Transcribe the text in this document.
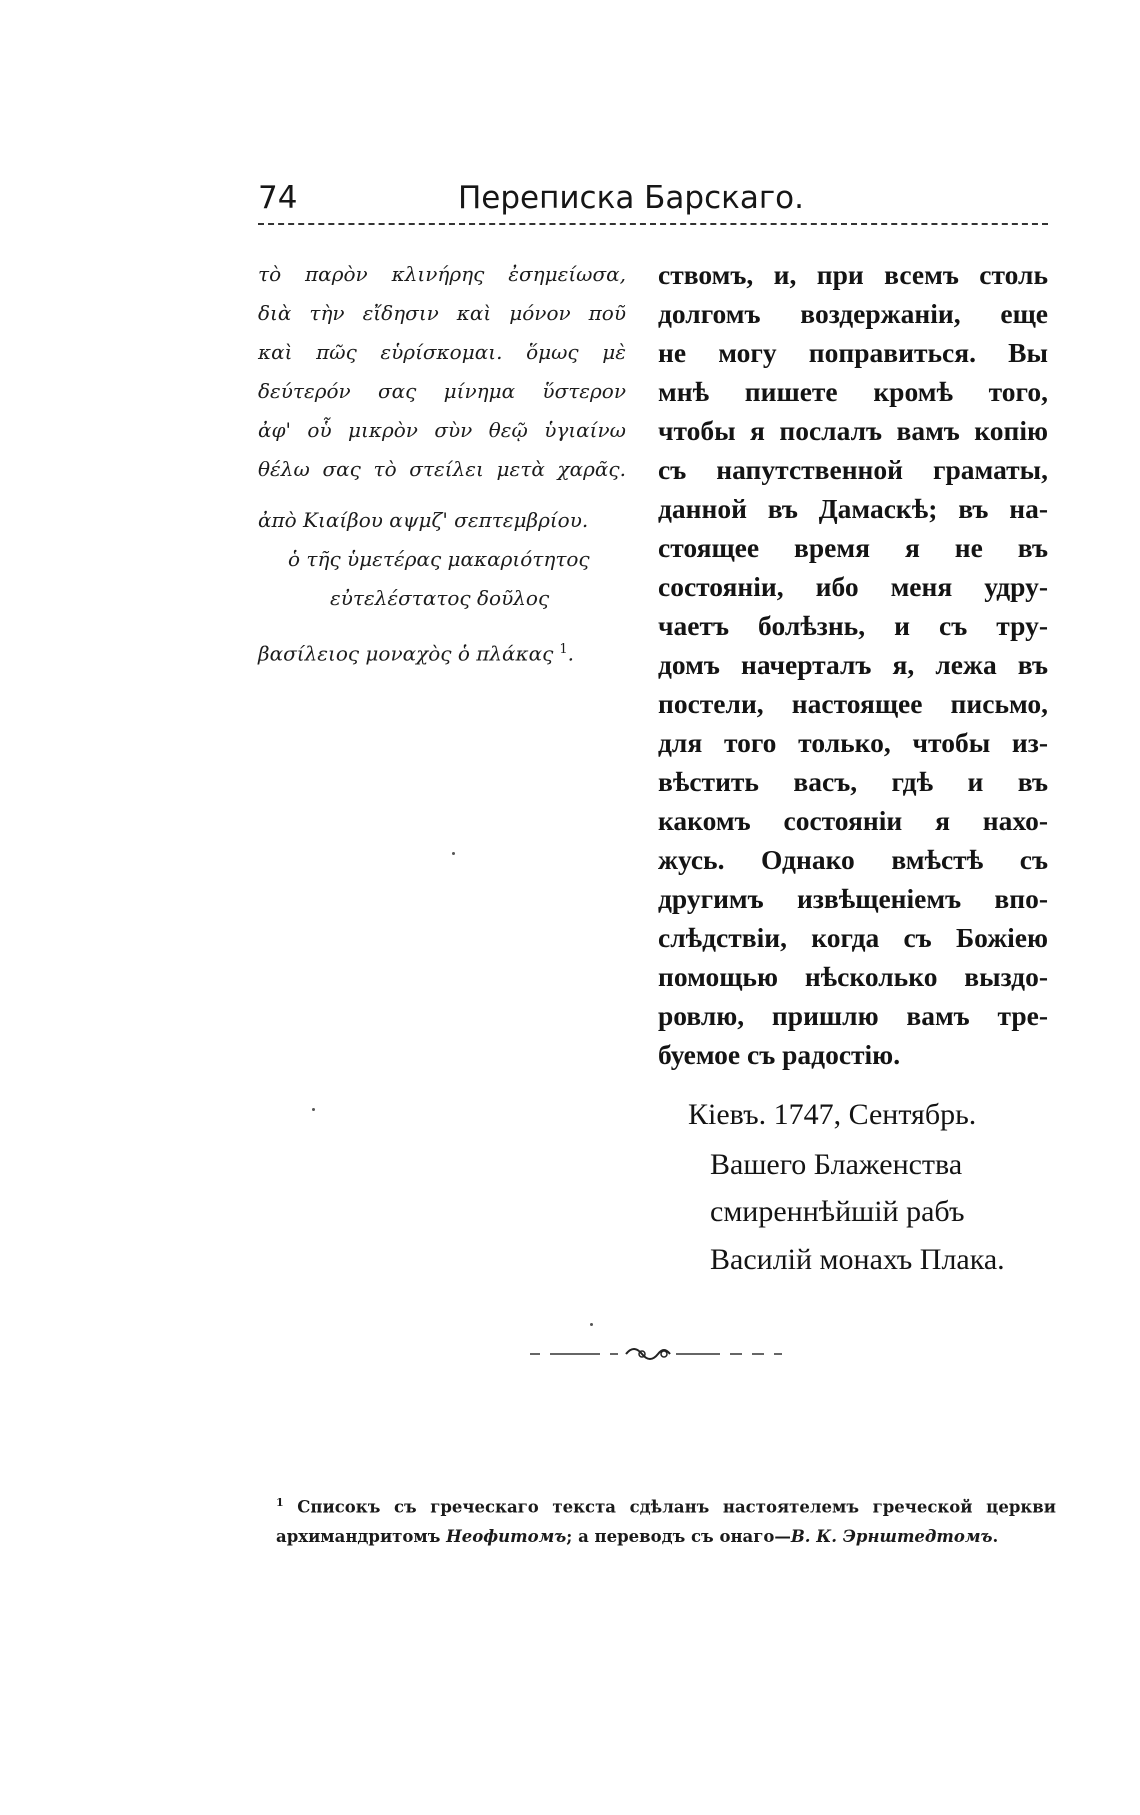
74	Переписка Барскаго.
τὸ παρὸν κλινήρης ἐσημείωσα,
διὰ τὴν εἴδησιν καὶ μόνον ποῦ
καὶ πῶς εὑρίσκομαι. ὅμως μὲ
δεύτερόν σας μίνημα ὕστερον
ἀφ' οὗ μικρὸν σὺν θεῷ ὑγιαίνω
θέλω σας τὸ στείλει μετὰ χαρᾶς.
ἀπὸ Κιαίβου αψμζ' σεπτεμβρίου.
ὁ τῆς ὑμετέρας μακαριότητος
εὐτελέστατος δοῦλος
βασίλειος μοναχὸς ὁ πλάκας $^1$.
ствомъ, и, при всемъ столь
долгомъ воздержанiи, еще
не могу поправиться. Вы
мнѣ пишете кромѣ того,
чтобы я послалъ вамъ копiю
съ напутственной граматы,
данной въ Дамаскѣ; въ на-
стоящее время я не въ
состоянiи, ибо меня удру-
чаетъ болѣзнь, и съ тру-
домъ начерталъ я, лежа въ
постели, настоящее письмо,
для того только, чтобы из-
вѣстить васъ, гдѣ и въ
какомъ состоянiи я нахо-
жусь. Однако вмѣстѣ съ
другимъ извѣщенiемъ впо-
слѣдствiи, когда съ Божiею
помощью нѣсколько выздо-
ровлю, пришлю вамъ тре-
буемое съ радостiю.
Кiевъ. 1747, Сентябрь.
Вашего Блаженства
смиреннѣйшiй рабъ
Василiй монахъ Плака.
$^1$ Списокъ съ греческаго текста сдѣланъ настоятелемъ греческой церкви
архимандритомъ Неофитомъ; а переводъ съ онаго—В. К. Эрнштедтомъ.
